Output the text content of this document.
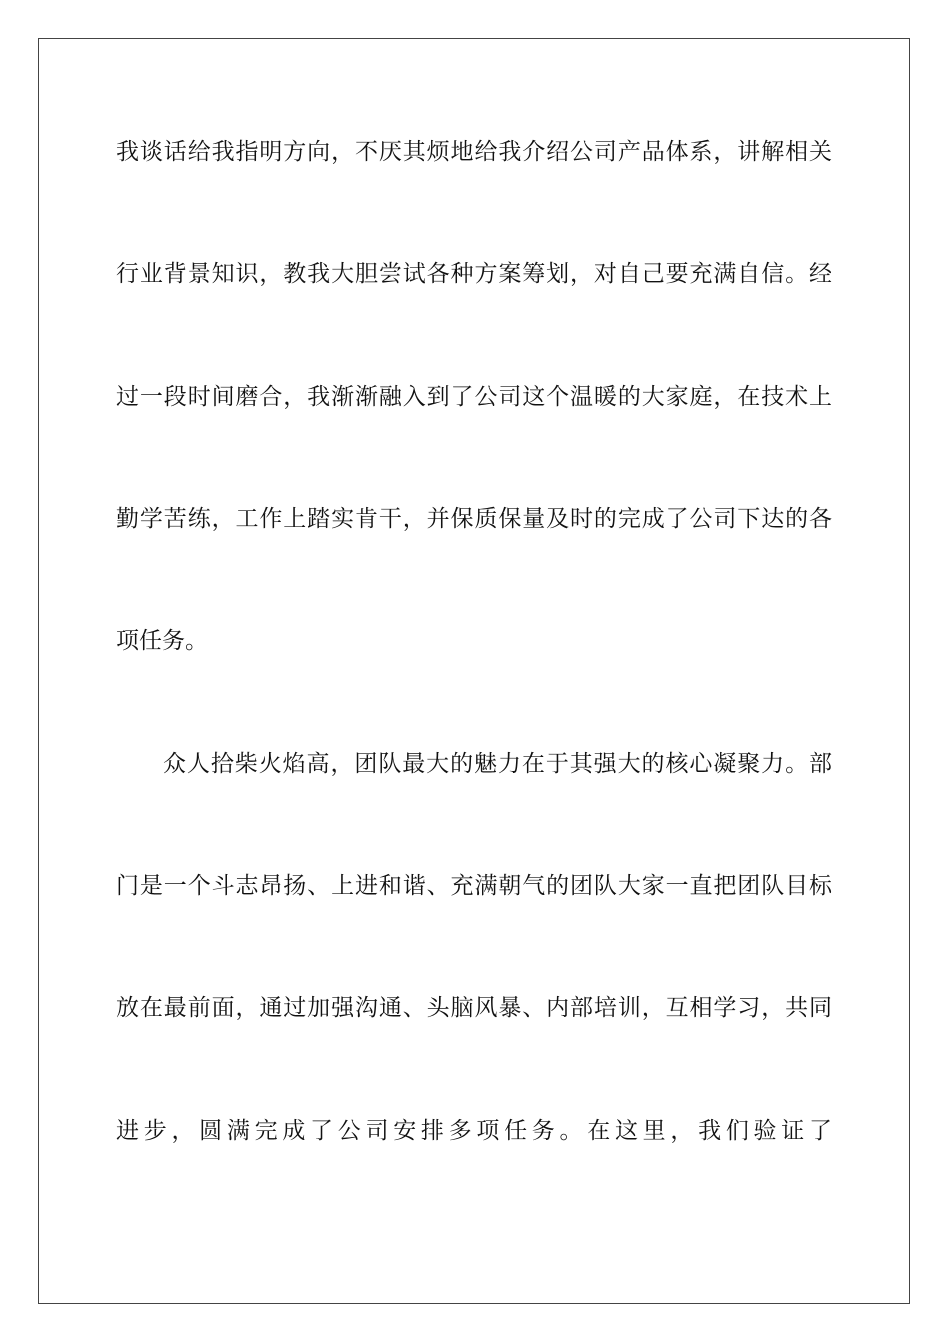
我谈话给我指明方向，不厌其烦地给我介绍公司产品体系，讲解相关
行业背景知识，教我大胆尝试各种方案筹划，对自己要充满自信。经
过一段时间磨合，我渐渐融入到了公司这个温暖的大家庭，在技术上
勤学苦练，工作上踏实肯干，并保质保量及时的完成了公司下达的各
项任务。
众人拾柴火焰高，团队最大的魅力在于其强大的核心凝聚力。部
门是一个斗志昂扬、上进和谐、充满朝气的团队大家一直把团队目标
放在最前面，通过加强沟通、头脑风暴、内部培训，互相学习，共同
进步，圆满完成了公司安排多项任务。在这里，我们验证了
